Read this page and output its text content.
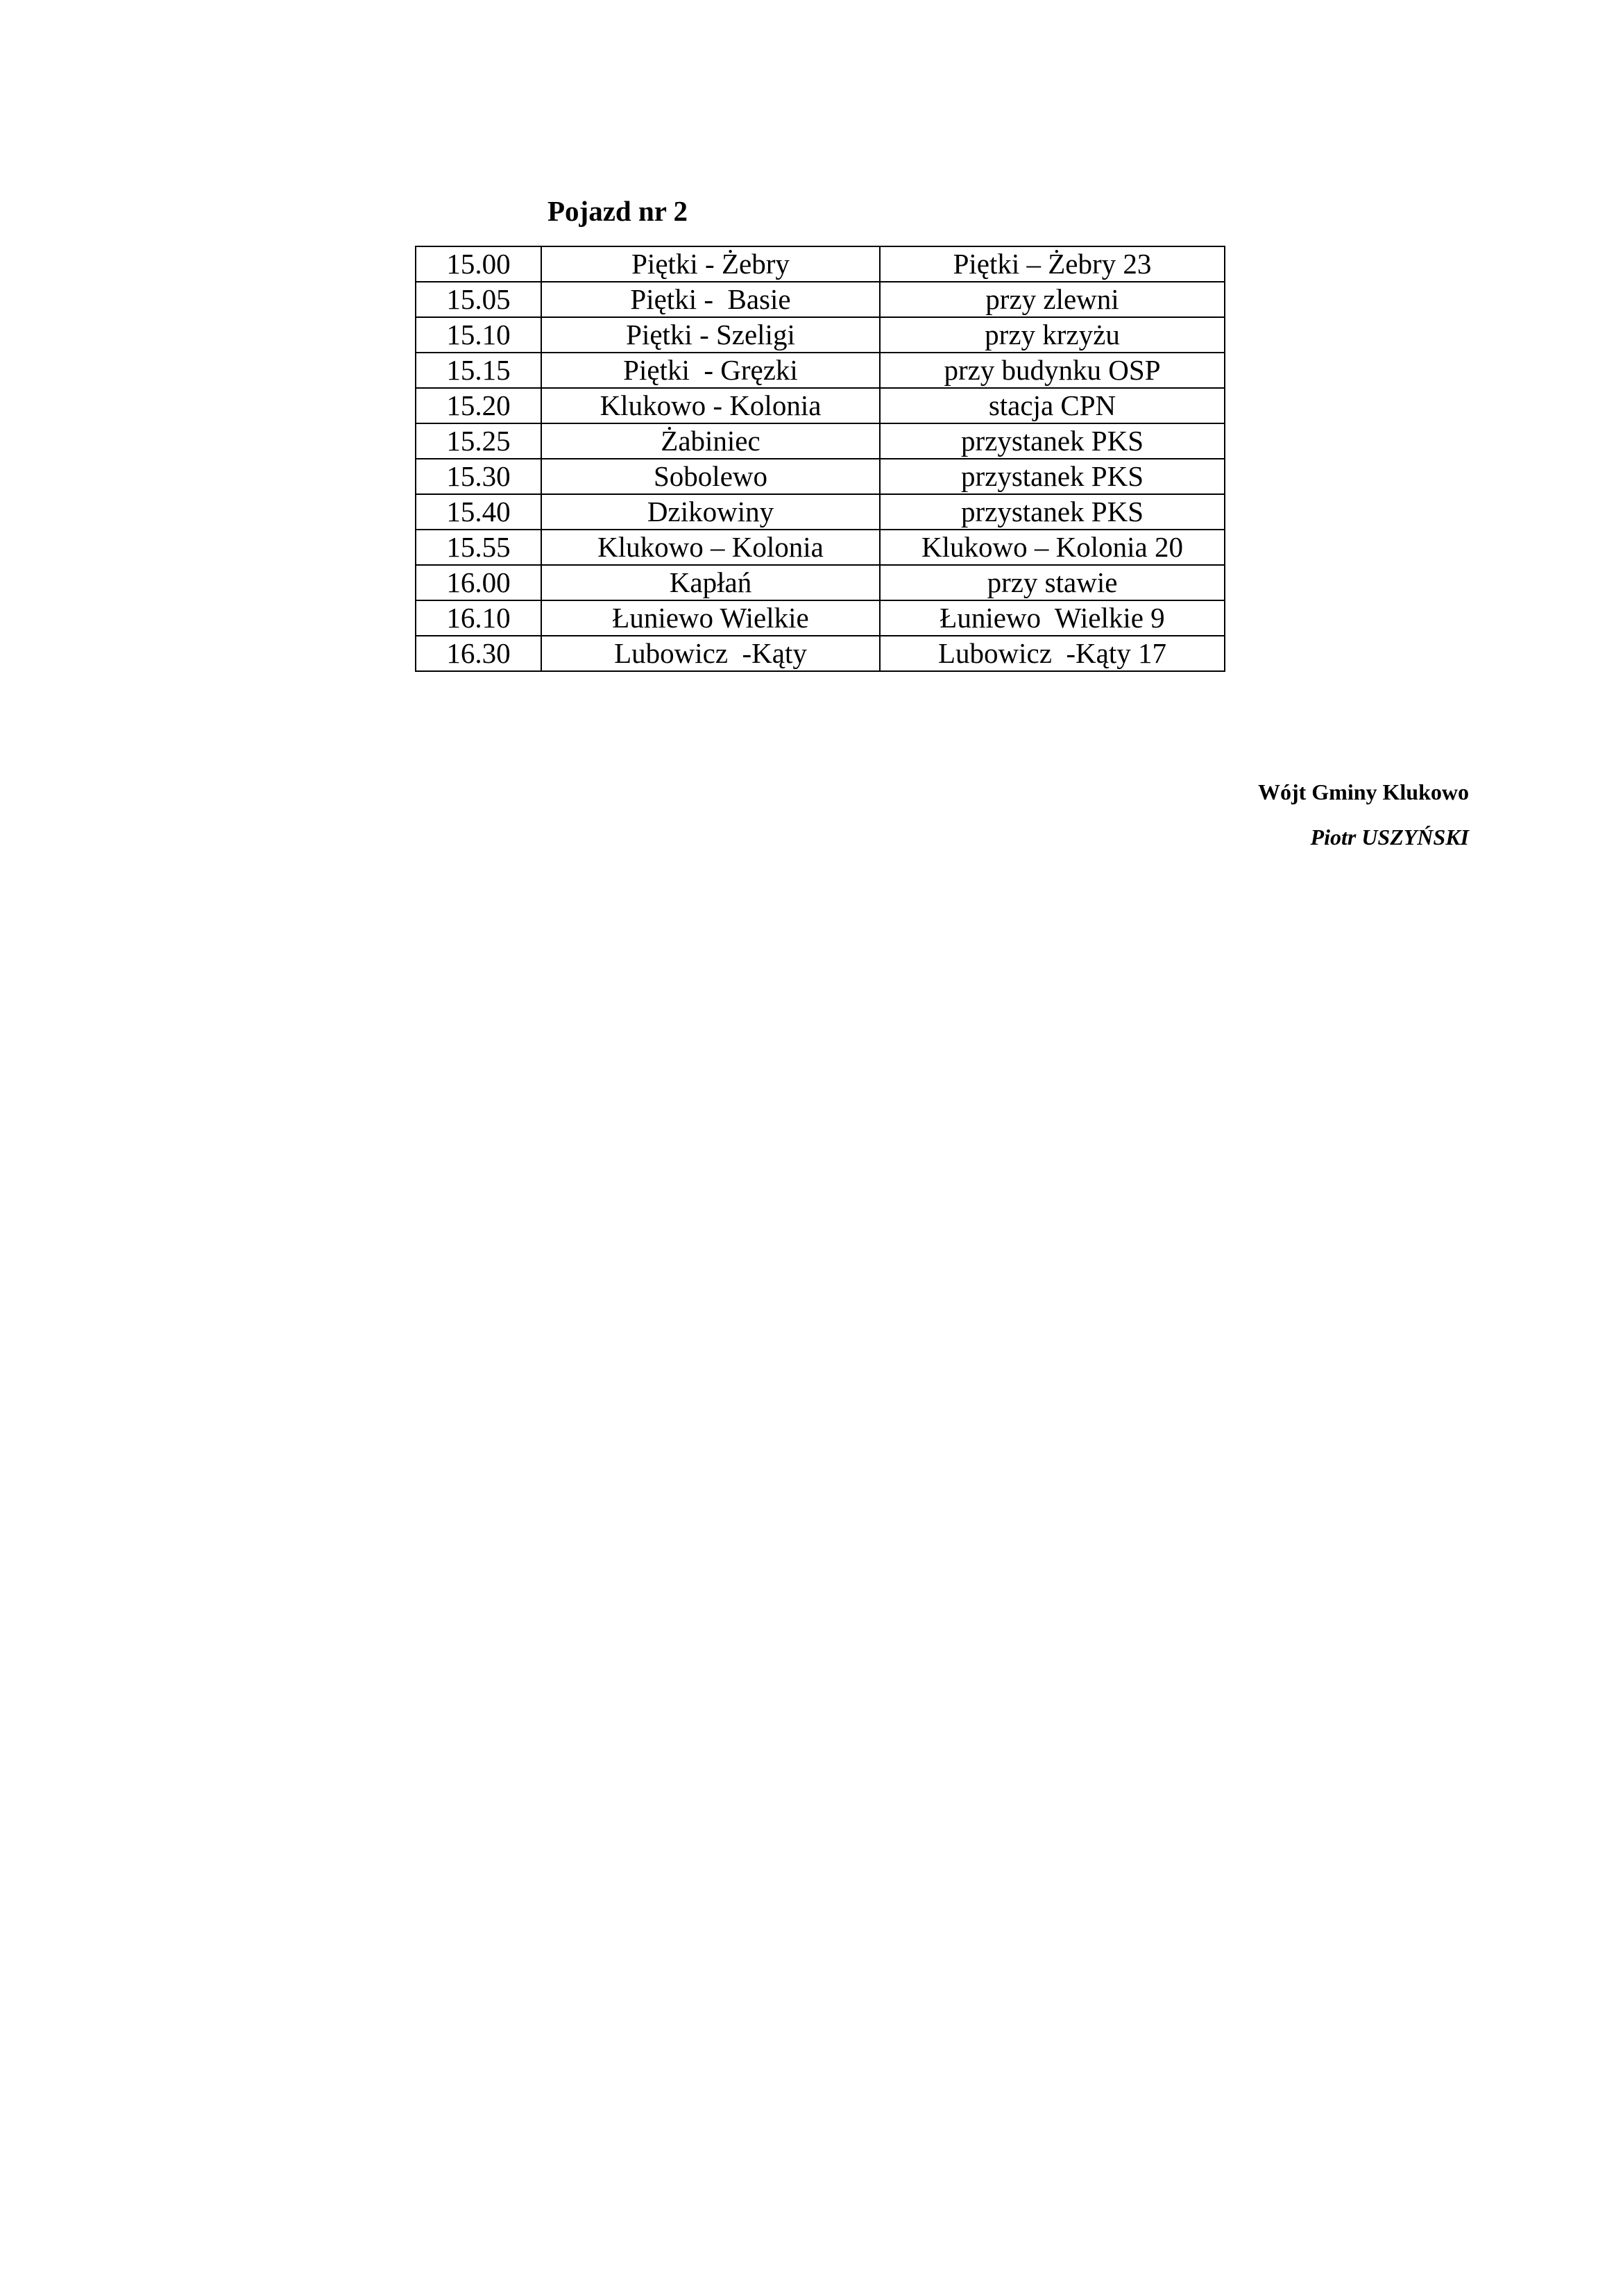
Pojazd nr 2
15.00	Piętki - Żebry	Piętki – Żebry 23
15.05	Piętki -  Basie	przy zlewni
15.10	Piętki - Szeligi	przy krzyżu
15.15	Piętki  - Gręzki	przy budynku OSP
15.20	Klukowo - Kolonia	stacja CPN
15.25	Żabiniec	przystanek PKS
15.30	Sobolewo	przystanek PKS
15.40	Dzikowiny	przystanek PKS
15.55	Klukowo – Kolonia	Klukowo – Kolonia 20
16.00	Kapłań	przy stawie
16.10	Łuniewo Wielkie	Łuniewo  Wielkie 9
16.30	Lubowicz  -Kąty	Lubowicz  -Kąty 17
Wójt Gminy Klukowo
Piotr USZYŃSKI
